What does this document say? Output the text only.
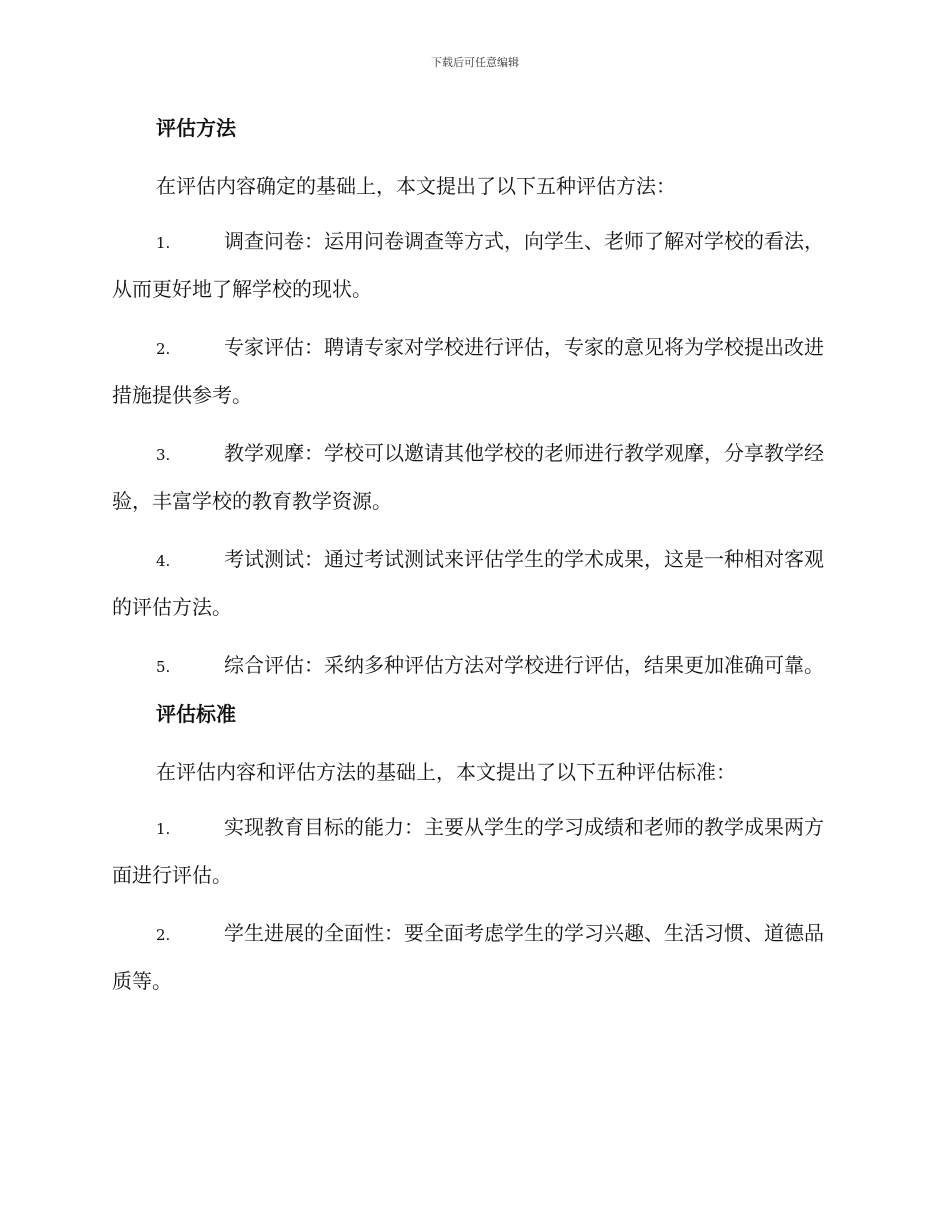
下载后可任意编辑
评估方法

在评估内容确定的基础上，本文提出了以下五种评估方法：

1.	调查问卷：运用问卷调查等方式，向学生、老师了解对学校的看法，从而更好地了解学校的现状。

2.	专家评估：聘请专家对学校进行评估，专家的意见将为学校提出改进措施提供参考。

3.	教学观摩：学校可以邀请其他学校的老师进行教学观摩，分享教学经验，丰富学校的教育教学资源。

4.	考试测试：通过考试测试来评估学生的学术成果，这是一种相对客观的评估方法。

5.	综合评估：采纳多种评估方法对学校进行评估，结果更加准确可靠。

评估标准

在评估内容和评估方法的基础上，本文提出了以下五种评估标准：

1.	实现教育目标的能力：主要从学生的学习成绩和老师的教学成果两方面进行评估。

2.	学生进展的全面性：要全面考虑学生的学习兴趣、生活习惯、道德品质等。
